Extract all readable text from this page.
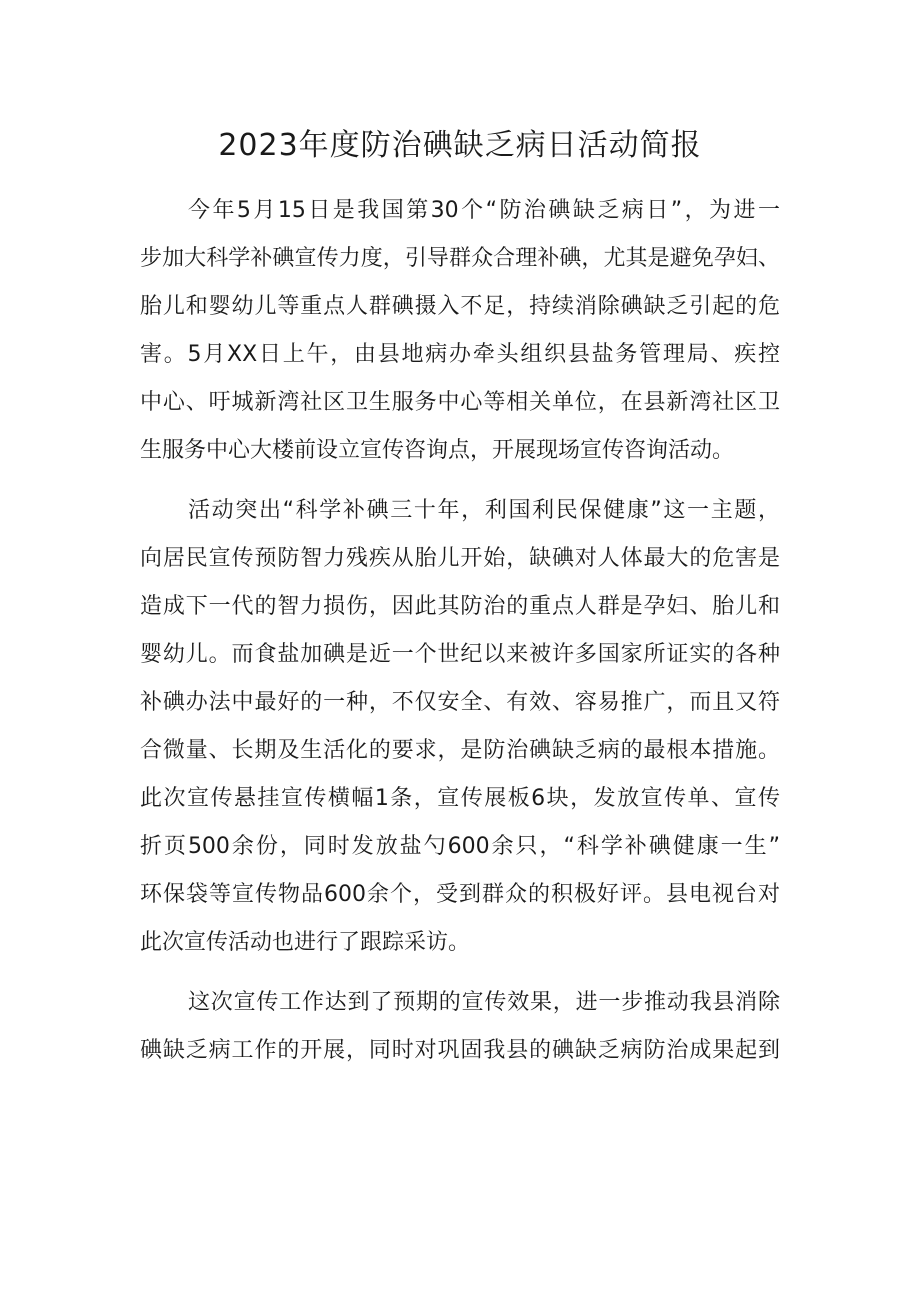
2023年度防治碘缺乏病日活动简报
今年5月15日是我国第30个“防治碘缺乏病日”，为进一
步加大科学补碘宣传力度，引导群众合理补碘，尤其是避免孕妇、
胎儿和婴幼儿等重点人群碘摄入不足，持续消除碘缺乏引起的危
害。5月XX日上午，由县地病办牵头组织县盐务管理局、疾控
中心、吁城新湾社区卫生服务中心等相关单位，在县新湾社区卫
生服务中心大楼前设立宣传咨询点，开展现场宣传咨询活动。
活动突出“科学补碘三十年，利国利民保健康”这一主题，
向居民宣传预防智力残疾从胎儿开始，缺碘对人体最大的危害是
造成下一代的智力损伤，因此其防治的重点人群是孕妇、胎儿和
婴幼儿。而食盐加碘是近一个世纪以来被许多国家所证实的各种
补碘办法中最好的一种，不仅安全、有效、容易推广，而且又符
合微量、长期及生活化的要求，是防治碘缺乏病的最根本措施。
此次宣传悬挂宣传横幅1条，宣传展板6块，发放宣传单、宣传
折页500余份，同时发放盐勺600余只，“科学补碘健康一生”
环保袋等宣传物品600余个，受到群众的积极好评。县电视台对
此次宣传活动也进行了跟踪采访。
这次宣传工作达到了预期的宣传效果，进一步推动我县消除
碘缺乏病工作的开展，同时对巩固我县的碘缺乏病防治成果起到
